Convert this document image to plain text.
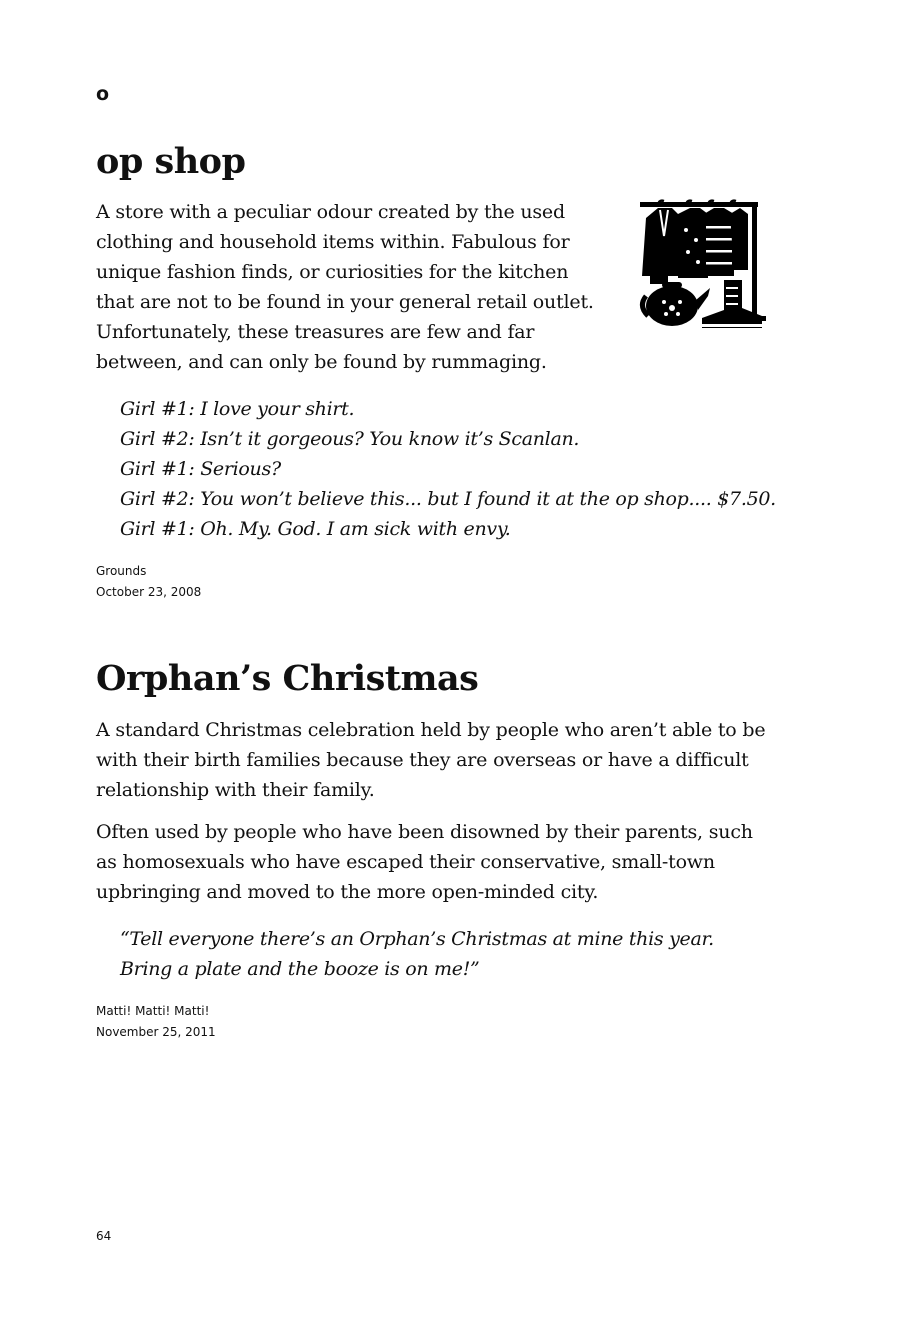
o

op shop

A store with a peculiar odour created by the used clothing and household items within. Fabulous for unique fashion finds, or curiosities for the kitchen that are not to be found in your general retail outlet. Unfortunately, these treasures are few and far between, and can only be found by rummaging.

Girl #1: I love your shirt.
Girl #2: Isn’t it gorgeous? You know it’s Scanlan.
Girl #1: Serious?
Girl #2: You won’t believe this... but I found it at the op shop.... $7.50.
Girl #1: Oh. My. God. I am sick with envy.
Grounds
October 23, 2008
Orphan’s Christmas

A standard Christmas celebration held by people who aren’t able to be with their birth families because they are overseas or have a difficult relationship with their family.

Often used by people who have been disowned by their parents, such as homosexuals who have escaped their conservative, small-town upbringing and moved to the more open-minded city.

“Tell everyone there’s an Orphan’s Christmas at mine this year.
Bring a plate and the booze is on me!”
Matti! Matti! Matti!
November 25, 2011
64
